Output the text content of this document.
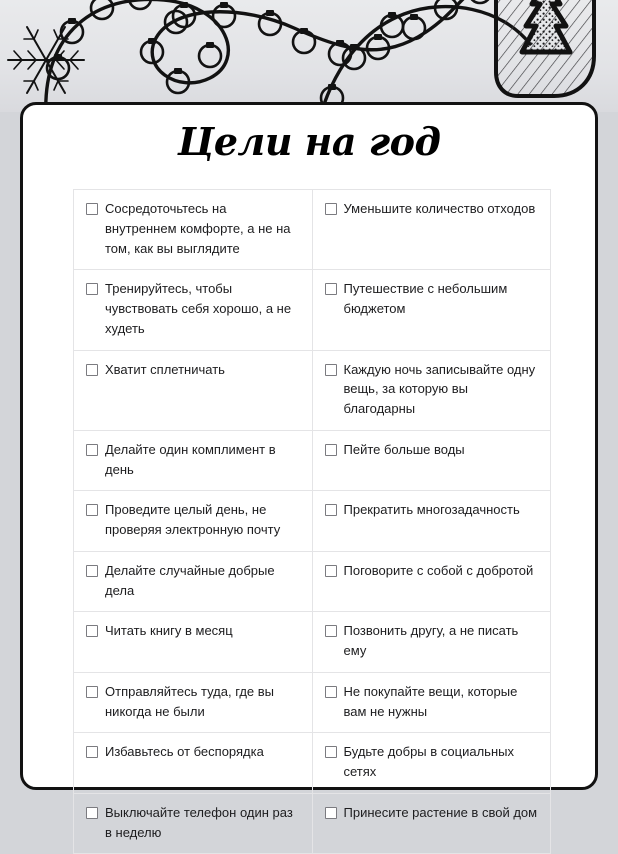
Цели на год
Сосредоточьтесь на внутреннем комфорте, а не на том, как вы выглядите	Уменьшите количество отходов

Тренируйтесь, чтобы чувствовать себя хорошо, а не худеть	Путешествие с небольшим бюджетом

Хватит сплетничать	Каждую ночь записывайте одну вещь, за которую вы благодарны

Делайте один комплимент в день	Пейте больше воды

Проведите целый день, не проверяя электронную почту	Прекратить многозадачность

Делайте случайные добрые дела	Поговорите с собой с добротой

Читать книгу в месяц	Позвонить другу, а не писать ему

Отправляйтесь туда, где вы никогда не были	Не покупайте вещи, которые вам не нужны

Избавьтесь от беспорядка	Будьте добры в социальных сетях

Выключайте телефон один раз в неделю	Принесите растение в свой дом
